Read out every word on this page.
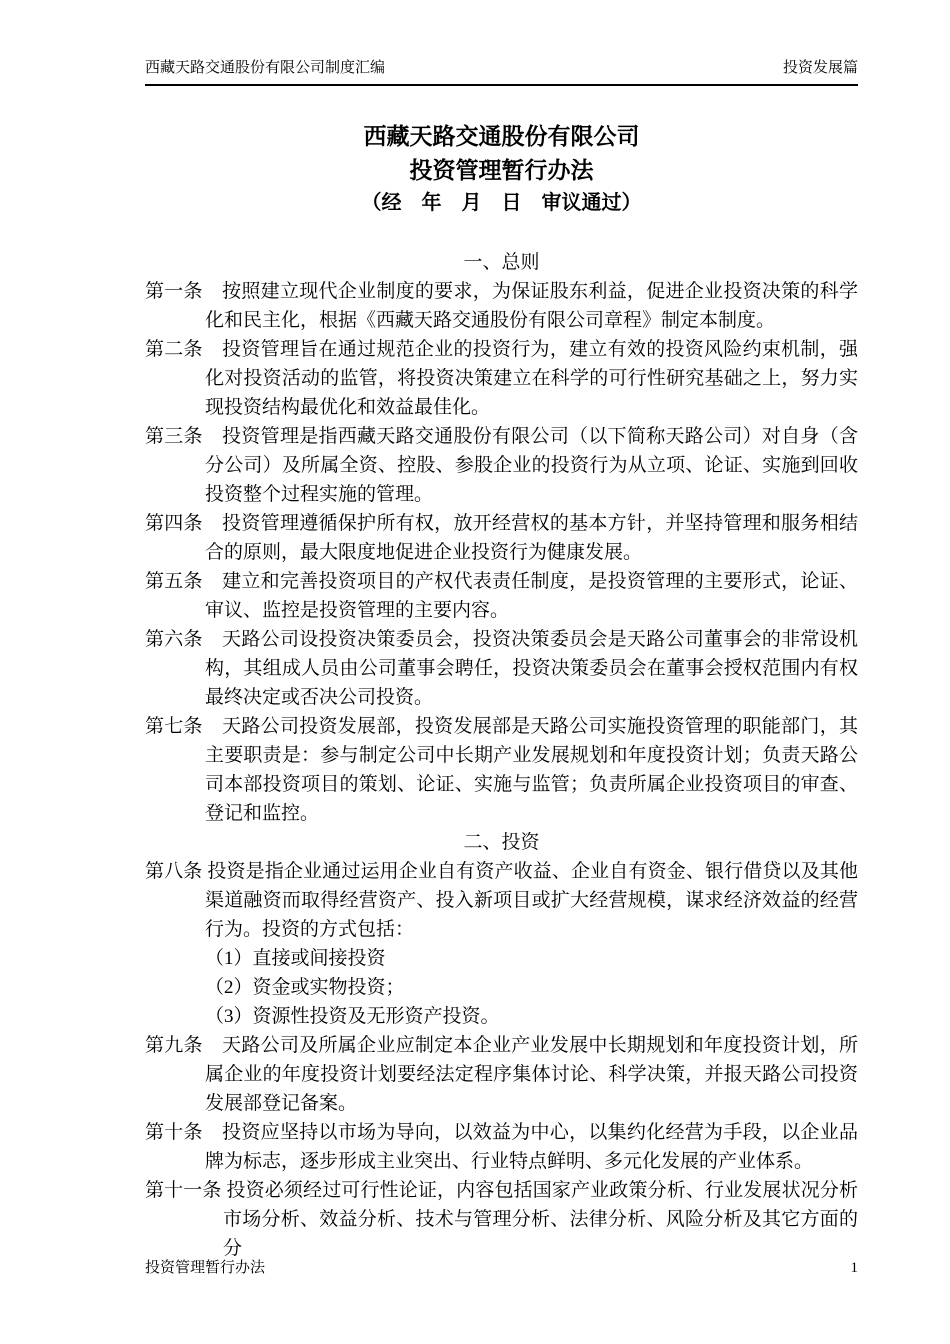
西藏天路交通股份有限公司制度汇编	投资发展篇
西藏天路交通股份有限公司
投资管理暂行办法
（经　年　月　日　审议通过）
一、总则
第一条　 按照建立现代企业制度的要求，为保证股东利益，促进企业投资决策的科学化和民主化，根据《西藏天路交通股份有限公司章程》制定本制度。
第二条　 投资管理旨在通过规范企业的投资行为，建立有效的投资风险约束机制，强化对投资活动的监管，将投资决策建立在科学的可行性研究基础之上，努力实现投资结构最优化和效益最佳化。
第三条　 投资管理是指西藏天路交通股份有限公司（以下简称天路公司）对自身（含分公司）及所属全资、控股、参股企业的投资行为从立项、论证、实施到回收投资整个过程实施的管理。
第四条　 投资管理遵循保护所有权，放开经营权的基本方针，并坚持管理和服务相结合的原则，最大限度地促进企业投资行为健康发展。
第五条　 建立和完善投资项目的产权代表责任制度，是投资管理的主要形式，论证、审议、监控是投资管理的主要内容。
第六条　 天路公司设投资决策委员会，投资决策委员会是天路公司董事会的非常设机构，其组成人员由公司董事会聘任，投资决策委员会在董事会授权范围内有权最终决定或否决公司投资。
第七条　 天路公司投资发展部，投资发展部是天路公司实施投资管理的职能部门，其主要职责是：参与制定公司中长期产业发展规划和年度投资计划；负责天路公司本部投资项目的策划、论证、实施与监管；负责所属企业投资项目的审查、登记和监控。
二、投资
第八条 投资是指企业通过运用企业自有资产收益、企业自有资金、银行借贷以及其他渠道融资而取得经营资产、投入新项目或扩大经营规模，谋求经济效益的经营行为。投资的方式包括：
（1）直接或间接投资
（2）资金或实物投资；
（3）资源性投资及无形资产投资。
第九条　 天路公司及所属企业应制定本企业产业发展中长期规划和年度投资计划，所属企业的年度投资计划要经法定程序集体讨论、科学决策，并报天路公司投资发展部登记备案。
第十条　 投资应坚持以市场为导向，以效益为中心，以集约化经营为手段，以企业品牌为标志，逐步形成主业突出、行业特点鲜明、多元化发展的产业体系。
第十一条 投资必须经过可行性论证，内容包括国家产业政策分析、行业发展状况分析市场分析、效益分析、技术与管理分析、法律分析、风险分析及其它方面的分
投资管理暂行办法	1
